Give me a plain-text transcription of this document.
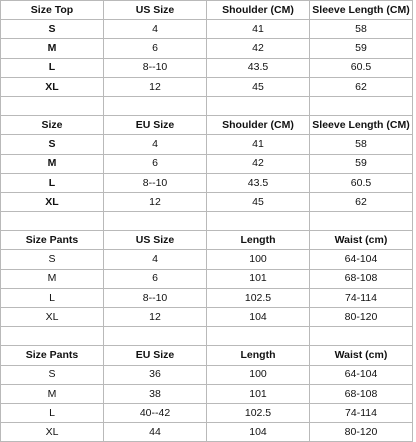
Size Top	US Size	Shoulder (CM)	Sleeve Length (CM)
S	4	41	58
M	6	42	59
L	8--10	43.5	60.5
XL	12	45	62

Size	EU Size	Shoulder (CM)	Sleeve Length (CM)
S	4	41	58
M	6	42	59
L	8--10	43.5	60.5
XL	12	45	62

Size Pants	US Size	Length	Waist (cm)
S	4	100	64-104
M	6	101	68-108
L	8--10	102.5	74-114
XL	12	104	80-120

Size Pants	EU Size	Length	Waist (cm)
S	36	100	64-104
M	38	101	68-108
L	40--42	102.5	74-114
XL	44	104	80-120
